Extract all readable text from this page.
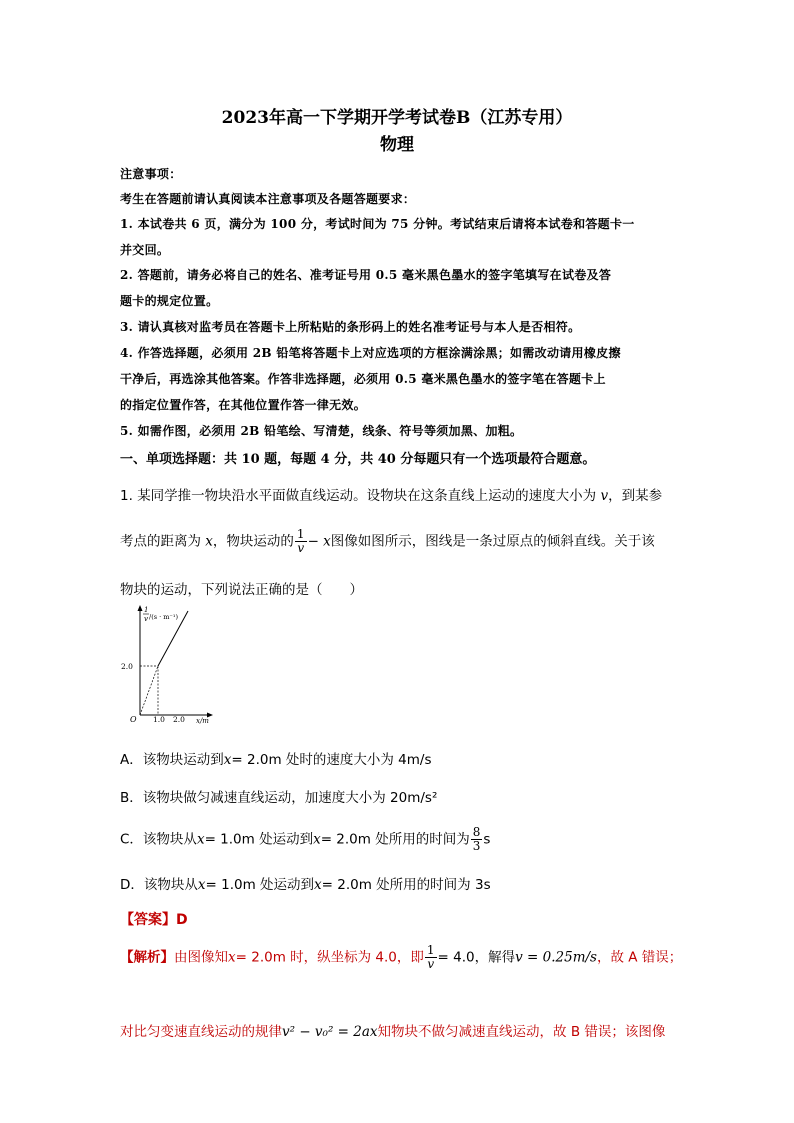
2023年高一下学期开学考试卷B（江苏专用）
物理
注意事项：
考生在答题前请认真阅读本注意事项及各题答题要求：
1. 本试卷共 6 页，满分为 100 分，考试时间为 75 分钟。考试结束后请将本试卷和答题卡一
并交回。
2. 答题前，请务必将自己的姓名、准考证号用 0.5 毫米黑色墨水的签字笔填写在试卷及答
题卡的规定位置。
3. 请认真核对监考员在答题卡上所粘贴的条形码上的姓名准考证号与本人是否相符。
4. 作答选择题，必须用 2B 铅笔将答题卡上对应选项的方框涂满涂黑；如需改动请用橡皮擦
干净后，再选涂其他答案。作答非选择题，必须用 0.5 毫米黑色墨水的签字笔在答题卡上
的指定位置作答，在其他位置作答一律无效。
5. 如需作图，必须用 2B 铅笔绘、写清楚，线条、符号等须加黑、加粗。
一、单项选择题：共 10 题，每题 4 分，共 40 分每题只有一个选项最符合题意。
1. 某同学推一物块沿水平面做直线运动。设物块在这条直线上运动的速度大小为 v，到某参
考点的距离为 x，物块运动的 $\frac{1}{v} - x$图像如图所示，图线是一条过原点的倾斜直线。关于该
物块的运动，下列说法正确的是（　　）
1
v /(s · m⁻¹)
2.0
O 1.0 2.0 x/m
A．该物块运动到x= 2.0m 处时的速度大小为 4m/s
B．该物块做匀减速直线运动，加速度大小为 20m/s²
C．该物块从x= 1.0m 处运动到x= 2.0m 处所用的时间为 $\frac{8}{3}$ s
D．该物块从x= 1.0m 处运动到x= 2.0m 处所用的时间为 3s
【答案】D
【解析】由图像知x= 2.0m 时，纵坐标为 4.0，即 $\frac{1}{v} = 4.0$，解得v = 0.25m/s，故 A 错误；
对比匀变速直线运动的规律v² − v₀² = 2ax知物块不做匀减速直线运动，故 B 错误；该图像
